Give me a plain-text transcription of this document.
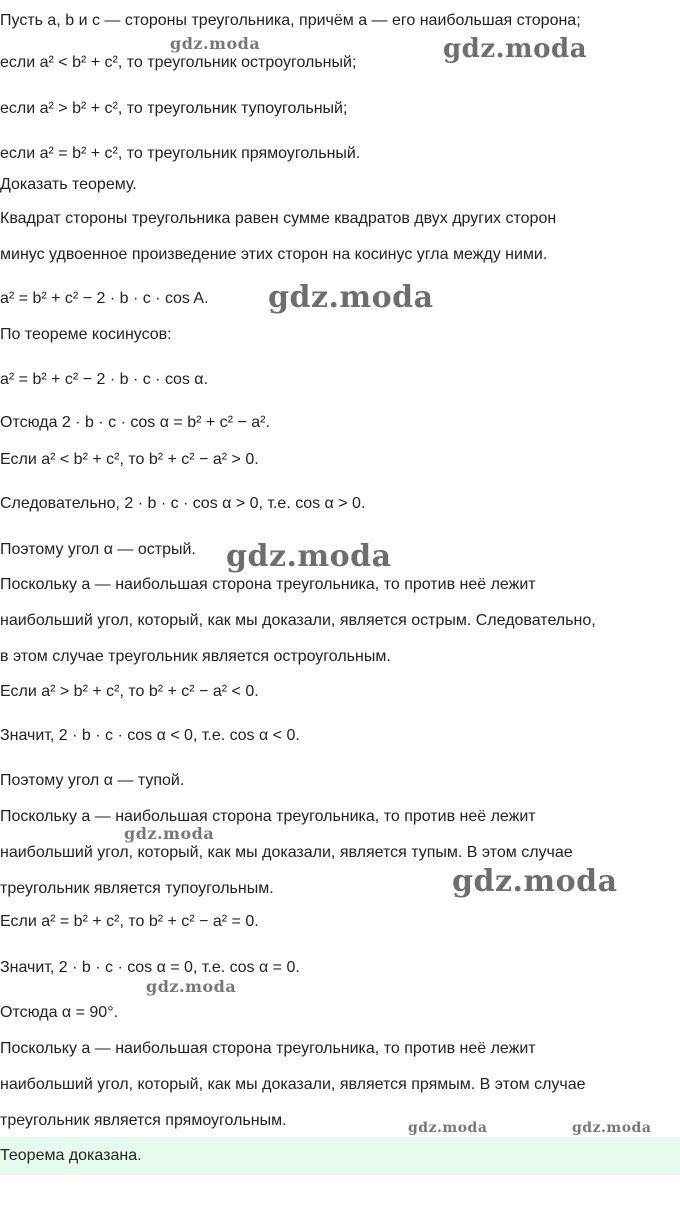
Пусть a, b и c — стороны треугольника, причём a — его наибольшая сторона;
если a² < b² + c², то треугольник остроугольный;
если a² > b² + c², то треугольник тупоугольный;
если a² = b² + c², то треугольник прямоугольный.
Доказать теорему.
Квадрат стороны треугольника равен сумме квадратов двух других сторон
минус удвоенное произведение этих сторон на косинус угла между ними.
a² = b² + c² − 2 · b · c · cos A.
По теореме косинусов:
a² = b² + c² − 2 · b · c · cos α.
Отсюда 2 · b · c · cos α = b² + c² − a².
Если a² < b² + c², то b² + c² − a² > 0.
Следовательно, 2 · b · c · cos α > 0, т.е. cos α > 0.
Поэтому угол α — острый.
Поскольку a — наибольшая сторона треугольника, то против неё лежит
наибольший угол, который, как мы доказали, является острым. Следовательно,
в этом случае треугольник является остроугольным.
Если a² > b² + c², то b² + c² − a² < 0.
Значит, 2 · b · c · cos α < 0, т.е. cos α < 0.
Поэтому угол α — тупой.
Поскольку a — наибольшая сторона треугольника, то против неё лежит
наибольший угол, который, как мы доказали, является тупым. В этом случае
треугольник является тупоугольным.
Если a² = b² + c², то b² + c² − a² = 0.
Значит, 2 · b · c · cos α = 0, т.е. cos α = 0.
Отсюда α = 90°.
Поскольку a — наибольшая сторона треугольника, то против неё лежит
наибольший угол, который, как мы доказали, является прямым. В этом случае
треугольник является прямоугольным.
Теорема доказана.
gdz.moda	gdz.moda
gdz.moda
gdz.moda
gdz.moda
gdz.moda
gdz.moda
gdz.moda	gdz.moda
